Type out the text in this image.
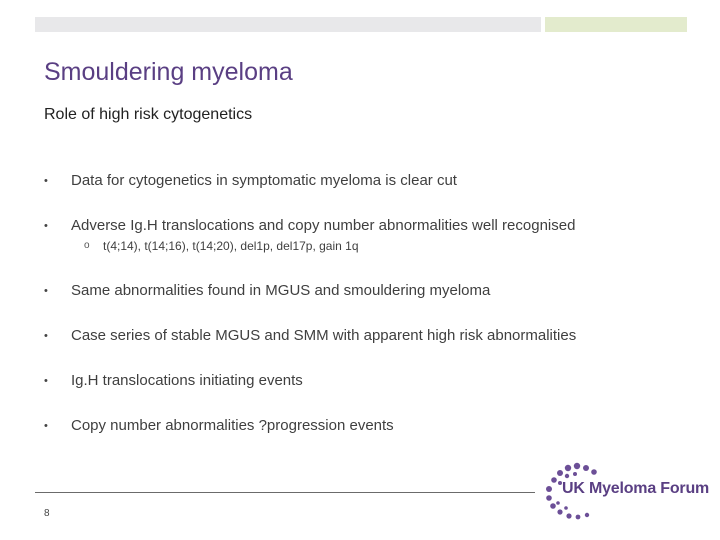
Smouldering myeloma
Role of high risk cytogenetics
•	Data for cytogenetics in symptomatic myeloma is clear cut
•	Adverse Ig.H translocations and copy number abnormalities well recognised
o t(4;14), t(14;16), t(14;20), del1p, del17p, gain 1q
•	Same abnormalities found in MGUS and smouldering myeloma
•	Case series of stable MGUS and SMM with apparent high risk abnormalities
•	Ig.H translocations initiating events
•	Copy number abnormalities ?progression events
8
UK Myeloma Forum
